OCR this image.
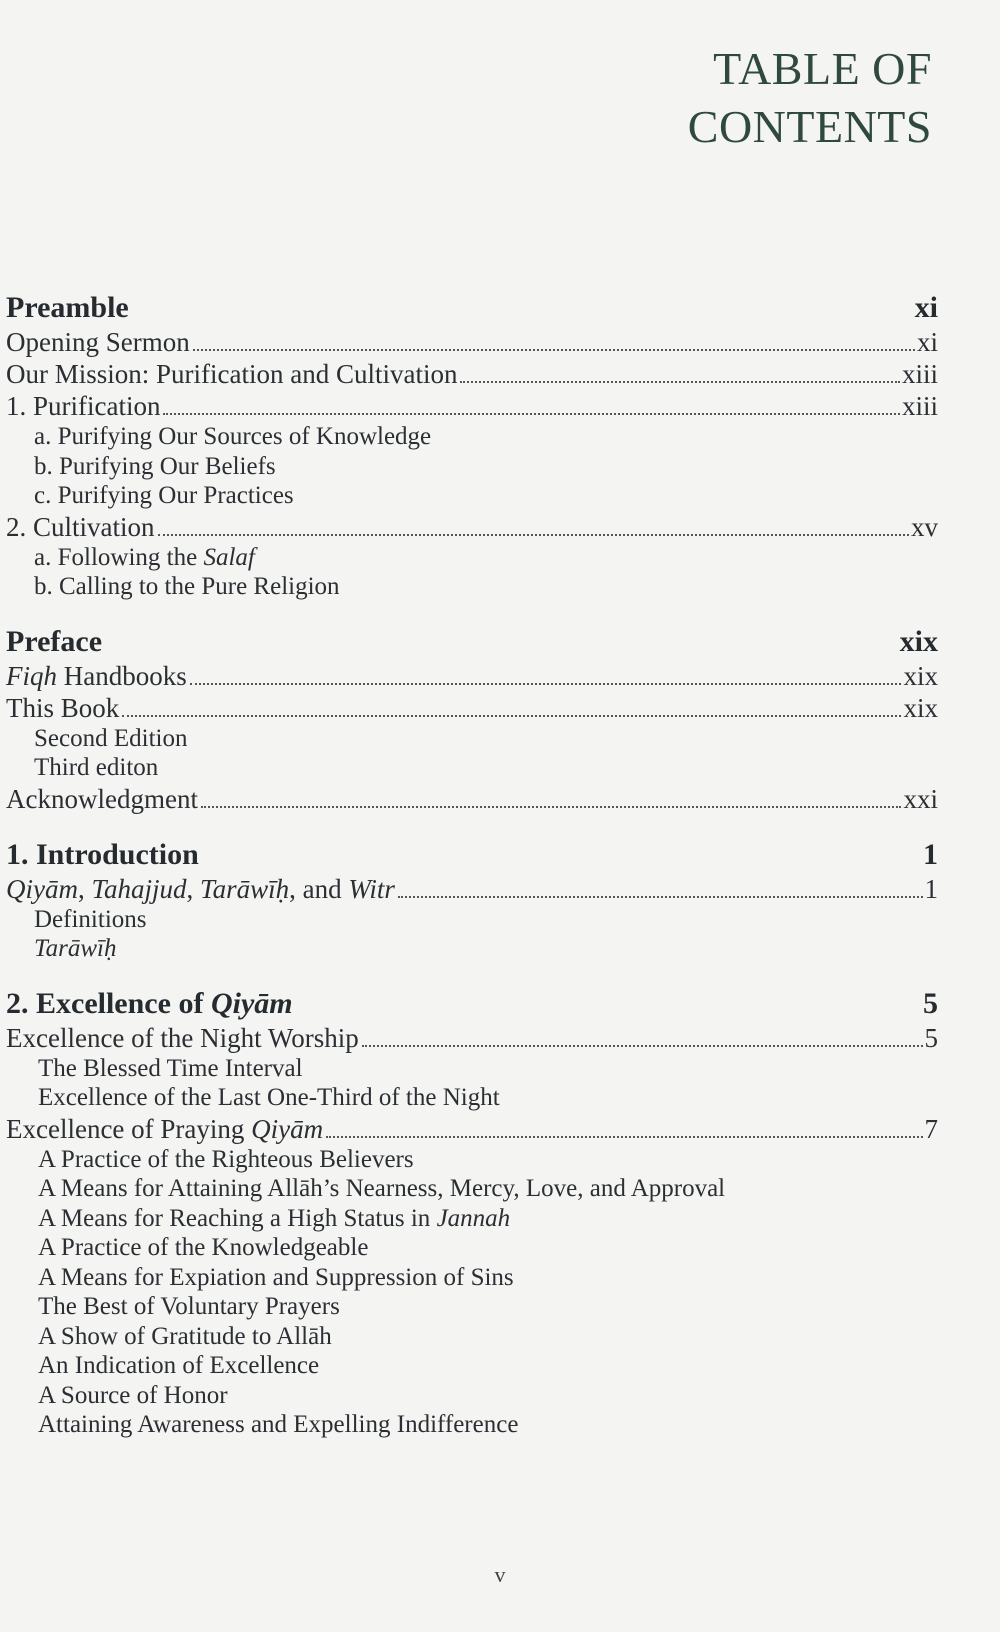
TABLE OF
CONTENTS
Preamble	xi
Opening Sermon	xi
Our Mission: Purification and Cultivation	xiii
1. Purification	xiii
a. Purifying Our Sources of Knowledge
b. Purifying Our Beliefs
c. Purifying Our Practices
2. Cultivation	xv
a. Following the Salaf
b. Calling to the Pure Religion
Preface	xix
Fiqh Handbooks	xix
This Book	xix
Second Edition
Third editon
Acknowledgment	xxi
1. Introduction	1
Qiyām, Tahajjud, Tarāwīḥ, and Witr	1
Definitions
Tarāwīḥ
2. Excellence of Qiyām	5
Excellence of the Night Worship	5
The Blessed Time Interval
Excellence of the Last One-Third of the Night
Excellence of Praying Qiyām	7
A Practice of the Righteous Believers
A Means for Attaining Allāh’s Nearness, Mercy, Love, and Approval
A Means for Reaching a High Status in Jannah
A Practice of the Knowledgeable
A Means for Expiation and Suppression of Sins
The Best of Voluntary Prayers
A Show of Gratitude to Allāh
An Indication of Excellence
A Source of Honor
Attaining Awareness and Expelling Indifference
v
